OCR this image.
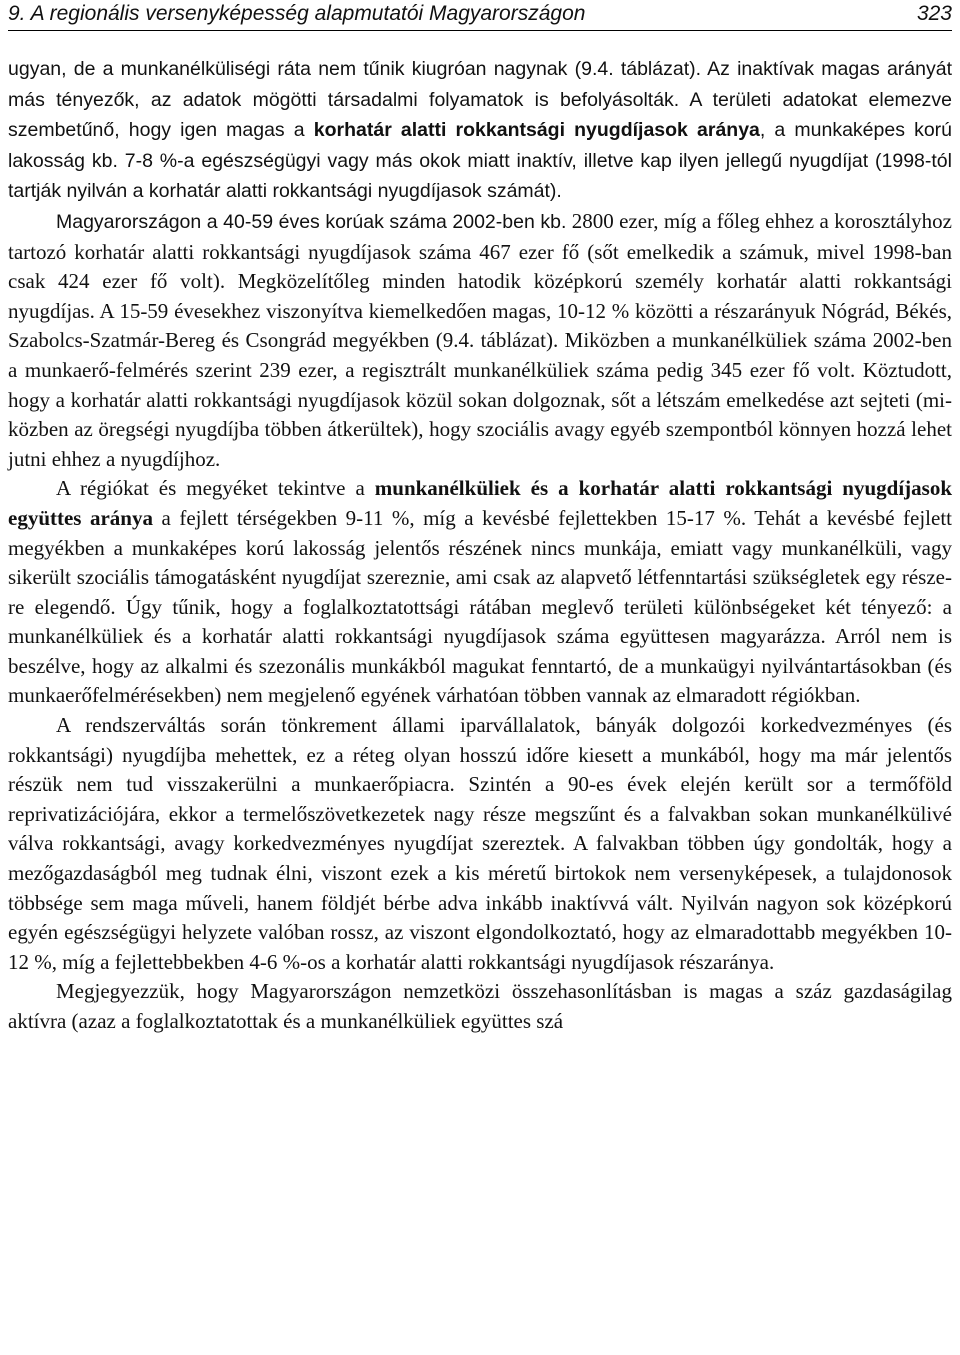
9. A regionális versenyképesség alapmutatói Magyarországon	323

ugyan, de a munkanélküliségi ráta nem tűnik kiugróan nagynak (9.4. táblázat). Az inaktívak magas arányát más tényezők, az adatok mögötti társadalmi folyamatok is befolyásolták. A területi adatokat elemezve szembetűnő, hogy igen magas a korhatár alatti rokkantsági nyugdíjasok aránya, a munkaképes korú lakosság kb. 7-8 %-a egészségügyi vagy más okok miatt inaktív, illetve kap ilyen jellegű nyugdíjat (1998-tól tartják nyilván a korhatár alatti rokkantsági nyugdíjasok számát).

Magyarországon a 40-59 éves korúak száma 2002-ben kb. 2800 ezer, míg a főleg ehhez a korosztályhoz tartozó korhatár alatti rokkantsági nyugdíjasok száma 467 ezer fő (sőt emelkedik a számuk, mivel 1998-ban csak 424 ezer fő volt). Megközelítőleg minden hatodik középkorú személy korhatár alatti rokkantsági nyugdíjas. A 15-59 évesekhez viszonyítva kiemelkedően magas, 10-12 % közötti a részarányuk Nógrád, Békés, Szabolcs-Szatmár-Bereg és Csongrád megyékben (9.4. táblázat). Miközben a munkanélküliek száma 2002-ben a munkaerő-felmérés szerint 239 ezer, a regisztrált munkanélküliek száma pedig 345 ezer fő volt. Köztudott, hogy a korhatár alatti rokkantsági nyugdíjasok közül sokan dolgoznak, sőt a létszám emelkedése azt sejteti (miközben az öregségi nyugdíjba többen átkerültek), hogy szociális avagy egyéb szempontból könnyen hozzá lehet jutni ehhez a nyugdíjhoz.

A régiókat és megyéket tekintve a munkanélküliek és a korhatár alatti rokkantsági nyugdíjasok együttes aránya a fejlett térségekben 9-11 %, míg a kevésbé fejlettekben 15-17 %. Tehát a kevésbé fejlett megyékben a munkaképes korú lakosság jelentős részének nincs munkája, emiatt vagy munkanélküli, vagy sikerült szociális támogatásként nyugdíjat szereznie, ami csak az alapvető létfenntartási szükségletek egy részere elegendő. Úgy tűnik, hogy a foglalkoztatottsági rátában meglevő területi különbségeket két tényező: a munkanélküliek és a korhatár alatti rokkantsági nyugdíjasok száma együttesen magyarázza. Arról nem is beszélve, hogy az alkalmi és szezonális munkákból magukat fenntartó, de a munkaügyi nyilvántartásokban (és munkaerőfelmérésekben) nem megjelenő egyének várhatóan többen vannak az elmaradott régiókban.

A rendszerváltás során tönkrement állami iparvállalatok, bányák dolgozói korkedvezményes (és rokkantsági) nyugdíjba mehettek, ez a réteg olyan hosszú időre kiesett a munkából, hogy ma már jelentős részük nem tud visszakerülni a munkaerőpiacra. Szintén a 90-es évek elején került sor a termőföld reprivatizációjára, ekkor a termelőszövetkezetek nagy része megszűnt és a falvakban sokan munkanélkülivé válva rokkantsági, avagy korkedvezményes nyugdíjat szereztek. A falvakban többen úgy gondolták, hogy a mezőgazdaságból meg tudnak élni, viszont ezek a kis méretű birtokok nem versenyképesek, a tulajdonosok többsége sem maga műveli, hanem földjét bérbe adva inkább inaktívvá vált. Nyilván nagyon sok középkorú egyén egészségügyi helyzete valóban rossz, az viszont elgondolkoztató, hogy az elmaradottabb megyékben 10-12 %, míg a fejlettebbekben 4-6 %-os a korhatár alatti rokkantsági nyugdíjasok részaránya.

Megjegyezzük, hogy Magyarországon nemzetközi összehasonlításban is magas a száz gazdaságilag aktívra (azaz a foglalkoztatottak és a munkanélküliek együttes szá
